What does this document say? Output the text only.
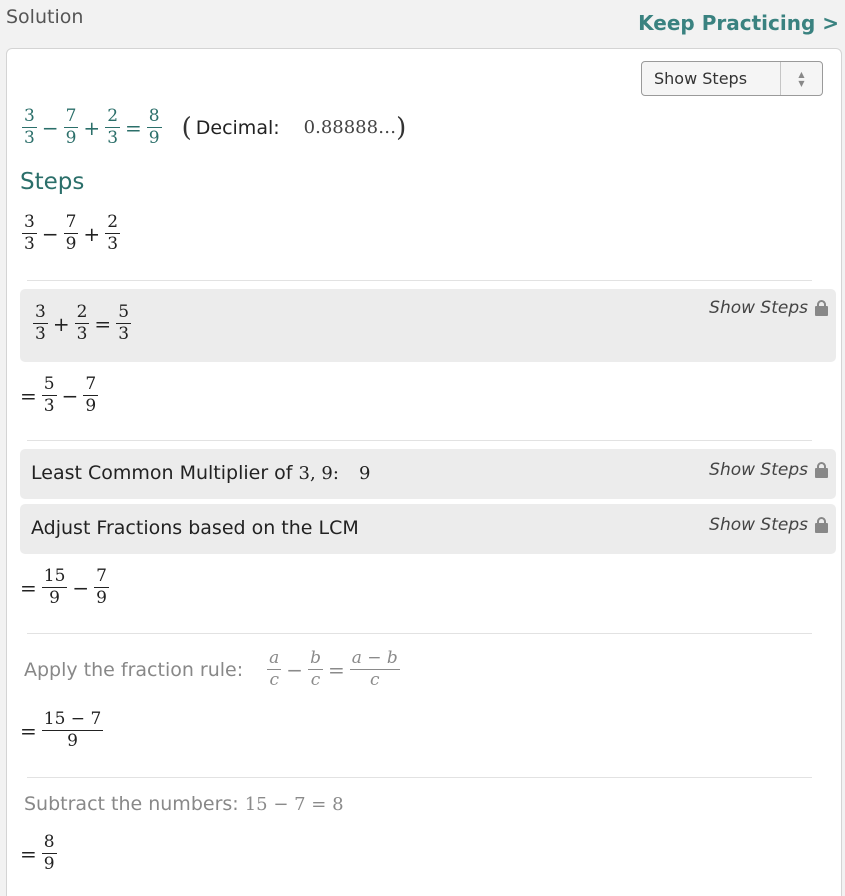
Solution	Keep Practicing >
Show Steps	▲
▼
$\frac{3}{3} - \frac{7}{9} + \frac{2}{3} = \frac{8}{9}$ ( Decimal: 0.88888… )
Steps
$\frac{3}{3} - \frac{7}{9} + \frac{2}{3}$
$\frac{3}{3} + \frac{2}{3} = \frac{5}{3}$	Show Steps
= $\frac{5}{3} - \frac{7}{9}$
Least Common Multiplier of 3, 9: 9	Show Steps
Adjust Fractions based on the LCM	Show Steps
= $\frac{15}{9} - \frac{7}{9}$
Apply the fraction rule: $\frac{a}{c} - \frac{b}{c} = \frac{a - b}{c}$
= $\frac{15 - 7}{9}$
Subtract the numbers: 15 − 7 = 8
= $\frac{8}{9}$
